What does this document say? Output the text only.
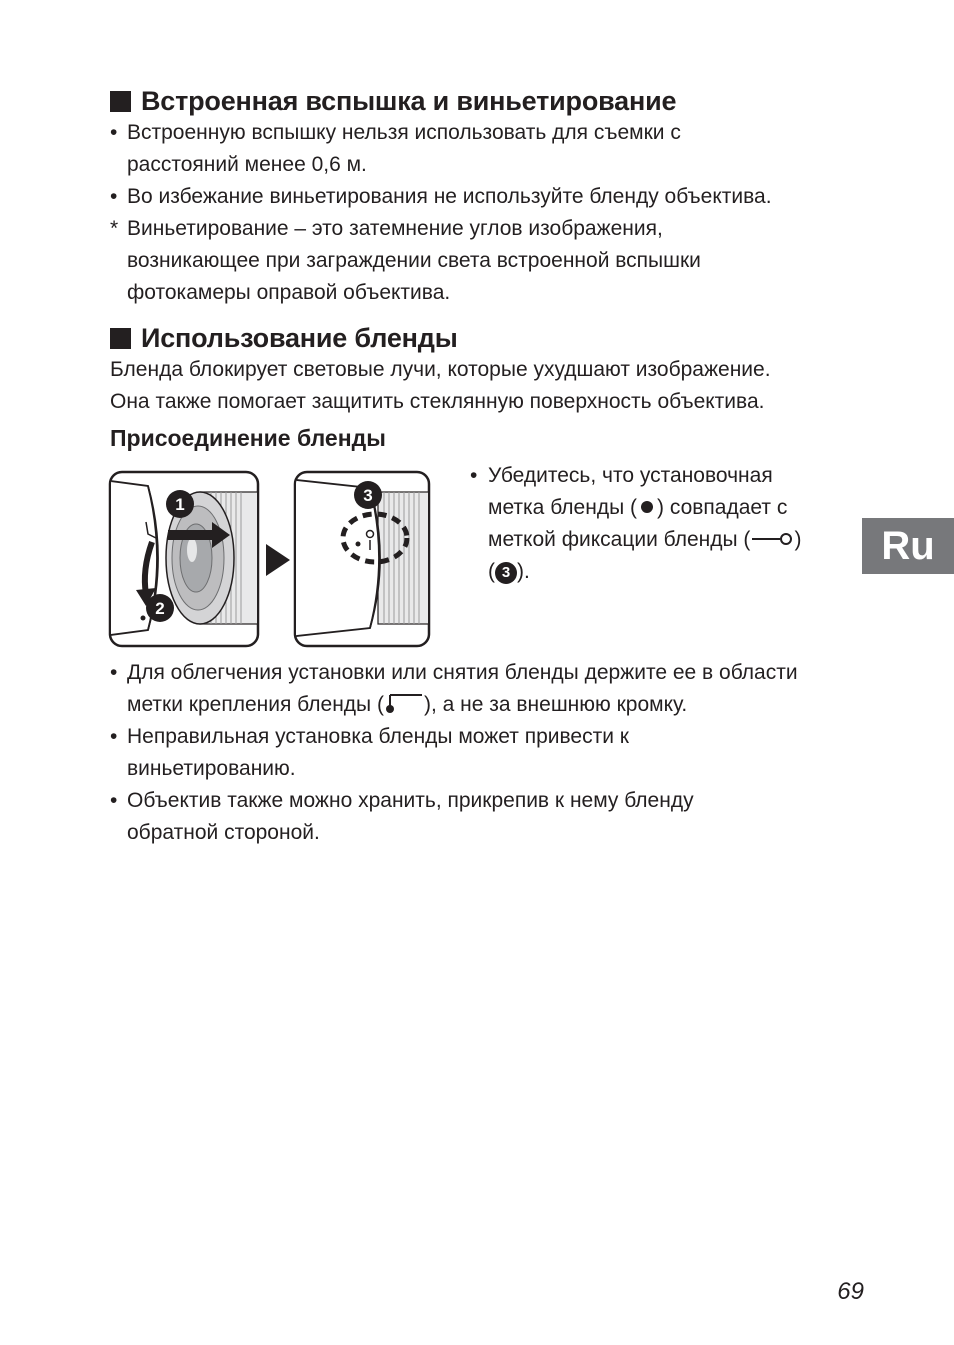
Встроенная вспышка и виньетирование
• Встроенную вспышку нельзя использовать для съемки с
расстояний менее 0,6 м.
• Во избежание виньетирования не используйте бленду объектива.
* Виньетирование – это затемнение углов изображения,
возникающее при заграждении света встроенной вспышки
фотокамеры оправой объектива.
Использование бленды
Бленда блокирует световые лучи, которые ухудшают изображение.
Она также помогает защитить стеклянную поверхность объектива.
Присоединение бленды
1
2
3
• Убедитесь, что установочная
метка бленды ( ) совпадает с
меткой фиксации бленды ( )
( 3 ).
• Для облегчения установки или снятия бленды держите ее в области
метки крепления бленды ( ), а не за внешнюю кромку.
• Неправильная установка бленды может привести к
виньетированию.
• Объектив также можно хранить, прикрепив к нему бленду
обратной стороной.
Ru
69
